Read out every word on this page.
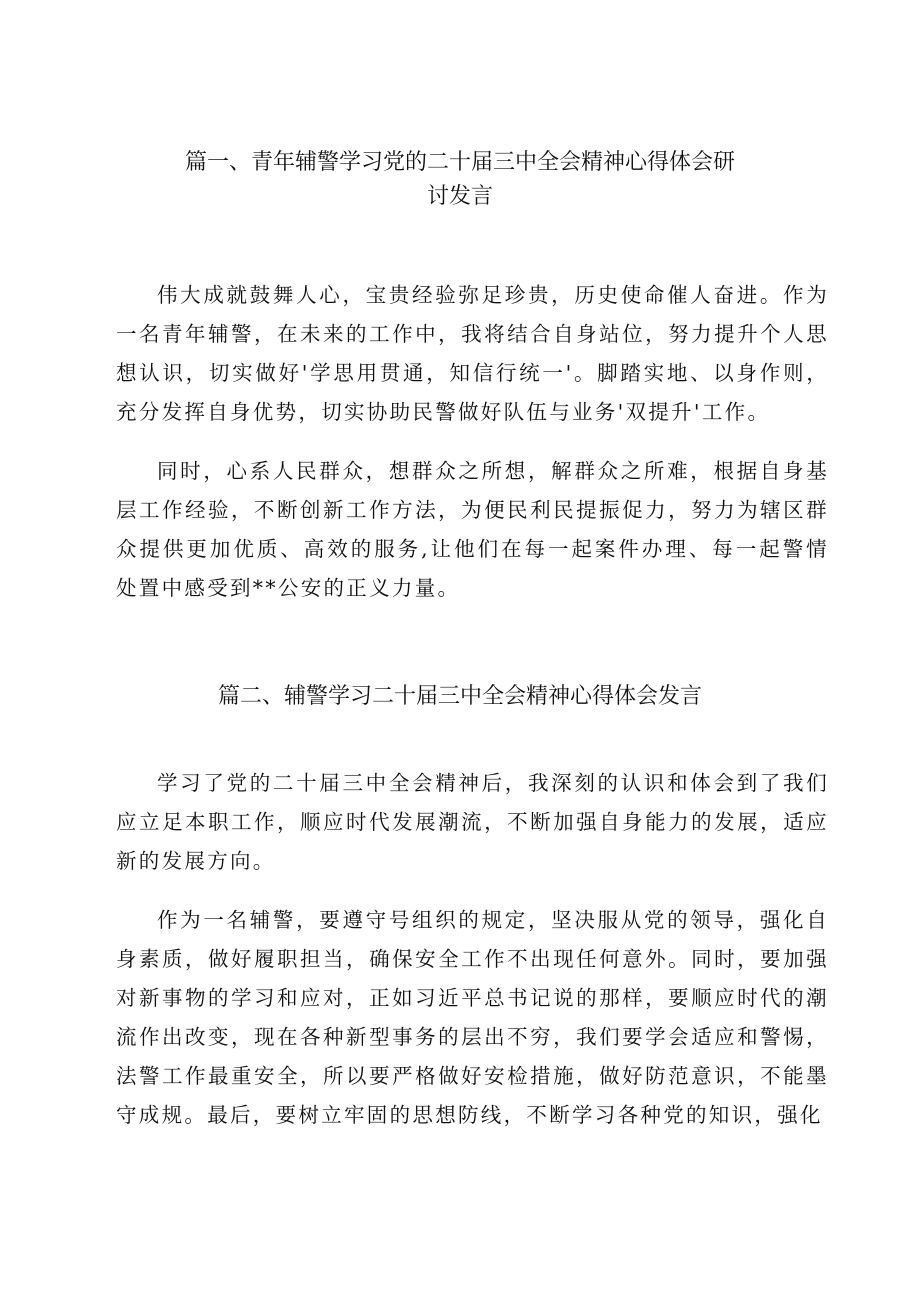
篇一、青年辅警学习党的二十届三中全会精神心得体会研
讨发言

伟大成就鼓舞人心，宝贵经验弥足珍贵，历史使命催人奋进。作为一名青年辅警，在未来的工作中，我将结合自身站位，努力提升个人思想认识，切实做好'学思用贯通，知信行统一'。脚踏实地、以身作则，充分发挥自身优势，切实协助民警做好队伍与业务'双提升'工作。

同时，心系人民群众，想群众之所想，解群众之所难，根据自身基层工作经验，不断创新工作方法，为便民利民提振促力，努力为辖区群众提供更加优质、高效的服务,让他们在每一起案件办理、每一起警情处置中感受到**公安的正义力量。

篇二、辅警学习二十届三中全会精神心得体会发言

学习了党的二十届三中全会精神后，我深刻的认识和体会到了我们应立足本职工作，顺应时代发展潮流，不断加强自身能力的发展，适应新的发展方向。

作为一名辅警，要遵守号组织的规定，坚决服从党的领导，强化自身素质，做好履职担当，确保安全工作不出现任何意外。同时，要加强对新事物的学习和应对，正如习近平总书记说的那样，要顺应时代的潮流作出改变，现在各种新型事务的层出不穷，我们要学会适应和警惕，法警工作最重安全，所以要严格做好安检措施，做好防范意识，不能墨守成规。最后，要树立牢固的思想防线，不断学习各种党的知识，强化
